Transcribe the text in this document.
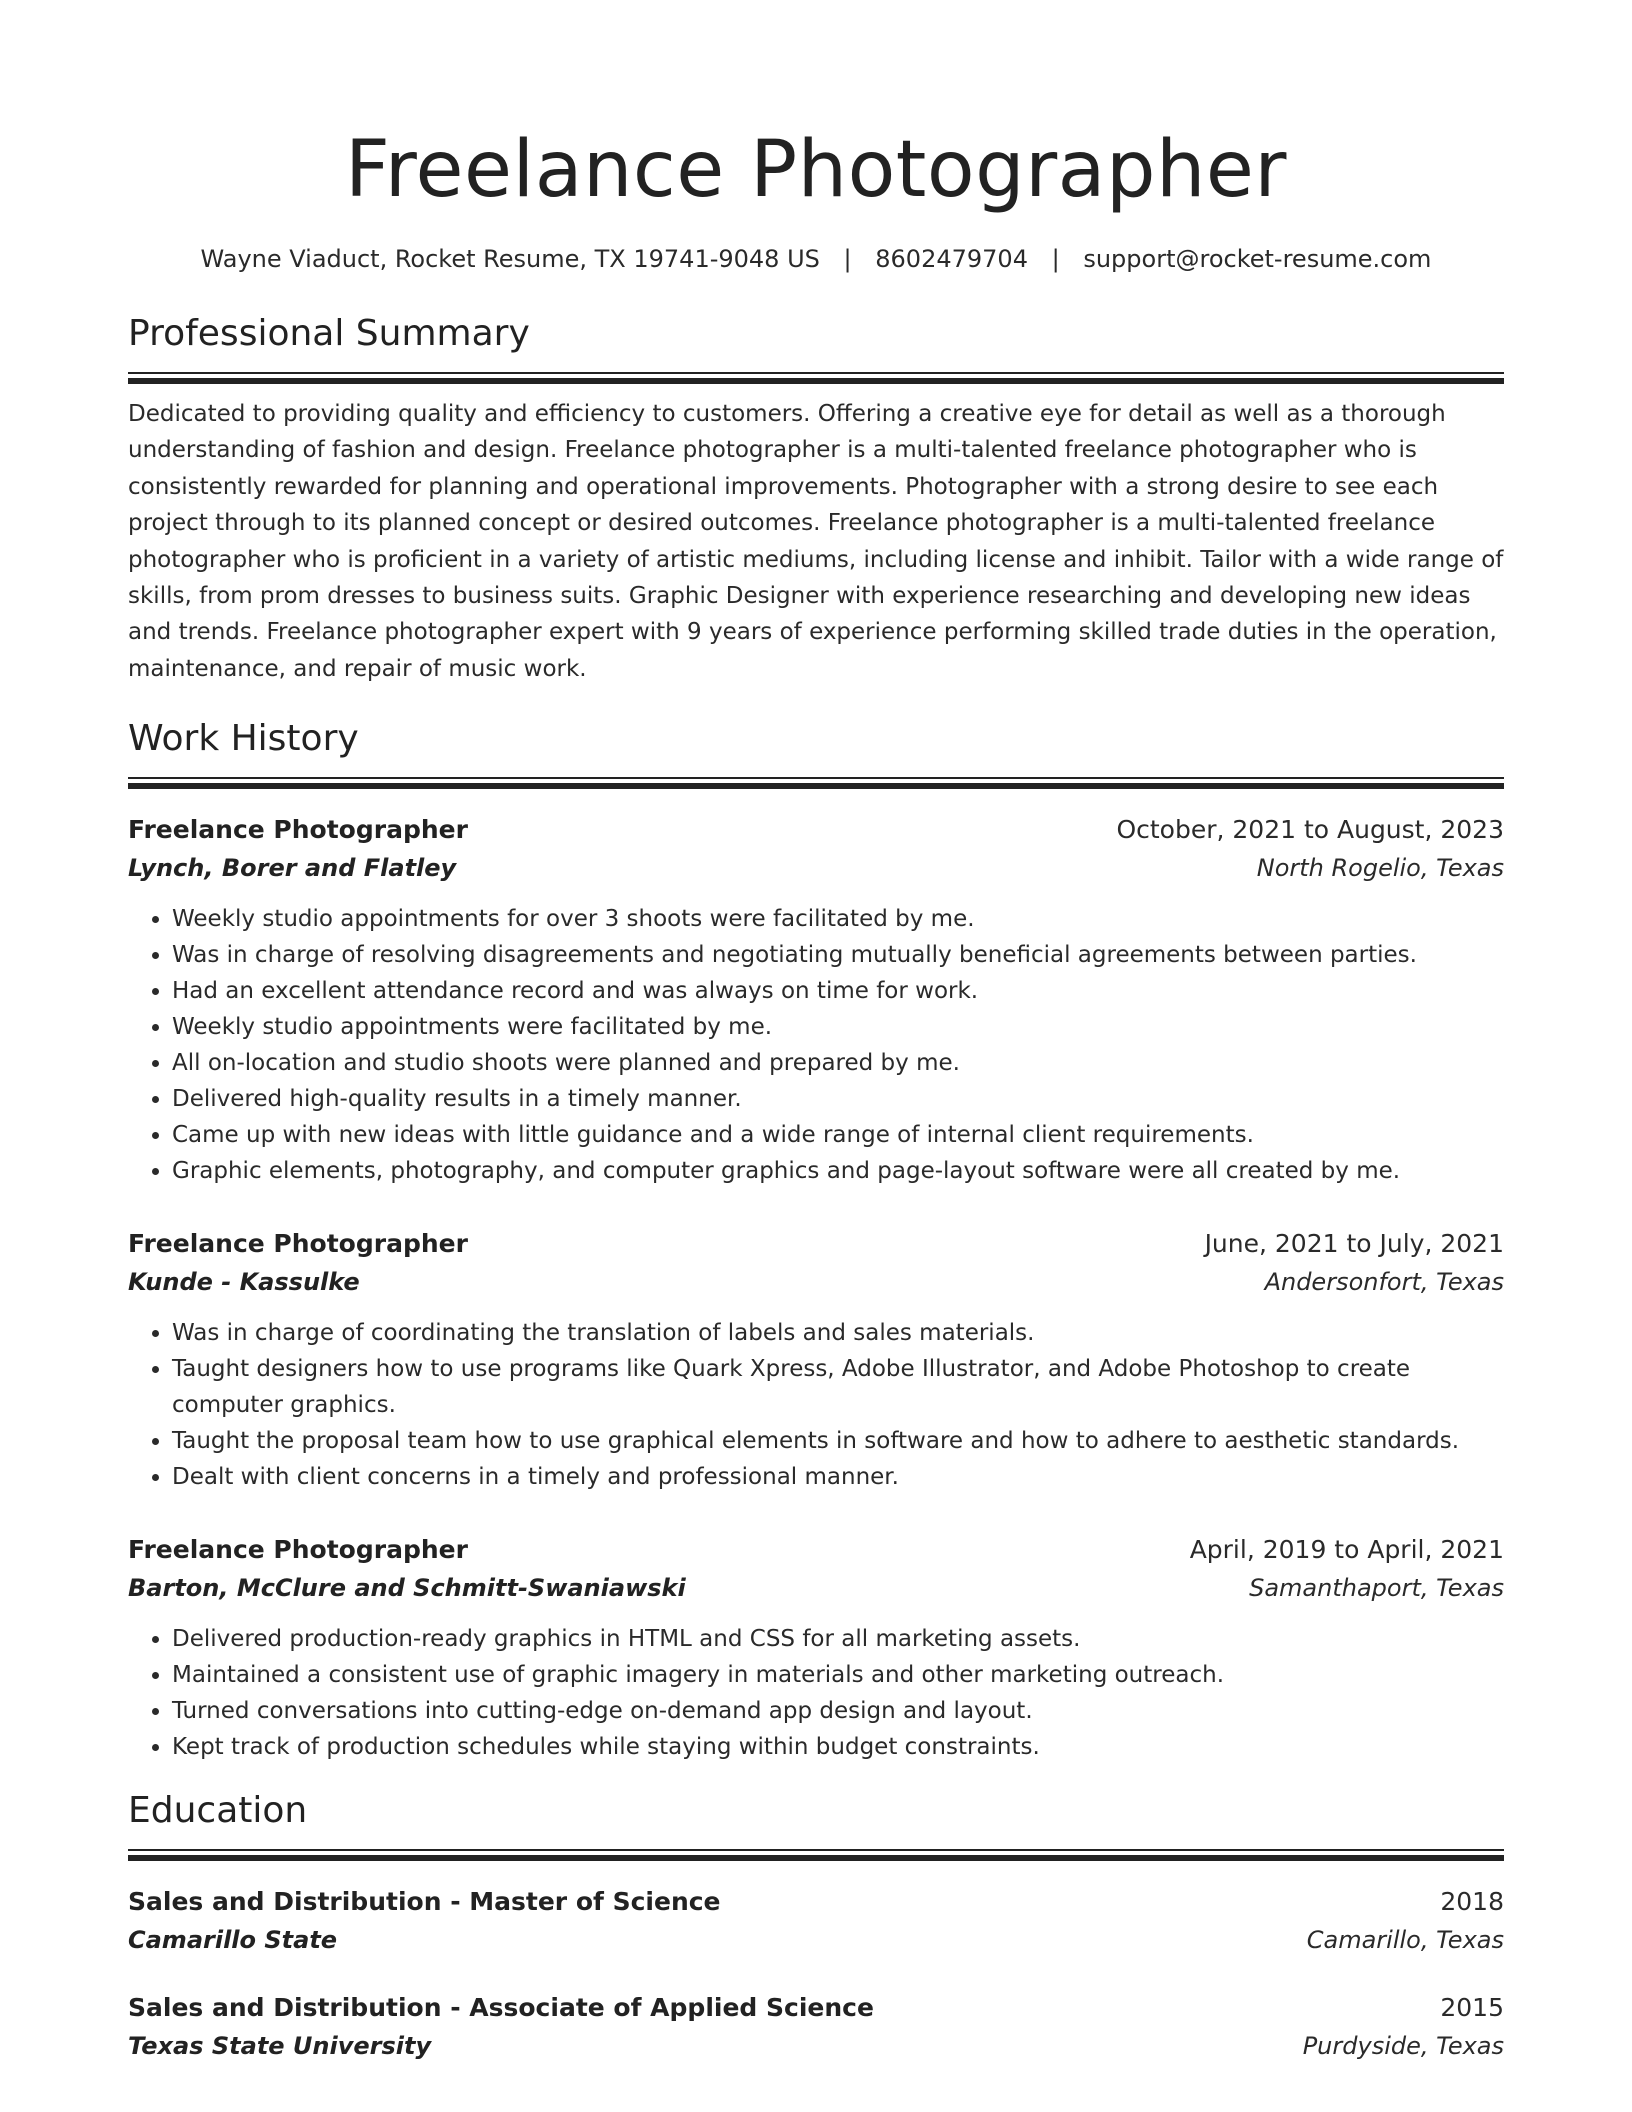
Freelance Photographer
Wayne Viaduct, Rocket Resume, TX 19741-9048 US | 8602479704 | support@rocket-resume.com
Professional Summary
Dedicated to providing quality and efficiency to customers. Offering a creative eye for detail as well as a thorough understanding of fashion and design. Freelance photographer is a multi-talented freelance photographer who is consistently rewarded for planning and operational improvements. Photographer with a strong desire to see each project through to its planned concept or desired outcomes. Freelance photographer is a multi-talented freelance photographer who is proficient in a variety of artistic mediums, including license and inhibit. Tailor with a wide range of skills, from prom dresses to business suits. Graphic Designer with experience researching and developing new ideas and trends. Freelance photographer expert with 9 years of experience performing skilled trade duties in the operation, maintenance, and repair of music work.
Work History
Freelance Photographer	October, 2021 to August, 2023
Lynch, Borer and Flatley	North Rogelio, Texas
• Weekly studio appointments for over 3 shoots were facilitated by me.
• Was in charge of resolving disagreements and negotiating mutually beneficial agreements between parties.
• Had an excellent attendance record and was always on time for work.
• Weekly studio appointments were facilitated by me.
• All on-location and studio shoots were planned and prepared by me.
• Delivered high-quality results in a timely manner.
• Came up with new ideas with little guidance and a wide range of internal client requirements.
• Graphic elements, photography, and computer graphics and page-layout software were all created by me.
Freelance Photographer	June, 2021 to July, 2021
Kunde - Kassulke	Andersonfort, Texas
• Was in charge of coordinating the translation of labels and sales materials.
• Taught designers how to use programs like Quark Xpress, Adobe Illustrator, and Adobe Photoshop to create computer graphics.
• Taught the proposal team how to use graphical elements in software and how to adhere to aesthetic standards.
• Dealt with client concerns in a timely and professional manner.
Freelance Photographer	April, 2019 to April, 2021
Barton, McClure and Schmitt-Swaniawski	Samanthaport, Texas
• Delivered production-ready graphics in HTML and CSS for all marketing assets.
• Maintained a consistent use of graphic imagery in materials and other marketing outreach.
• Turned conversations into cutting-edge on-demand app design and layout.
• Kept track of production schedules while staying within budget constraints.
Education
Sales and Distribution - Master of Science	2018
Camarillo State	Camarillo, Texas
Sales and Distribution - Associate of Applied Science	2015
Texas State University	Purdyside, Texas
